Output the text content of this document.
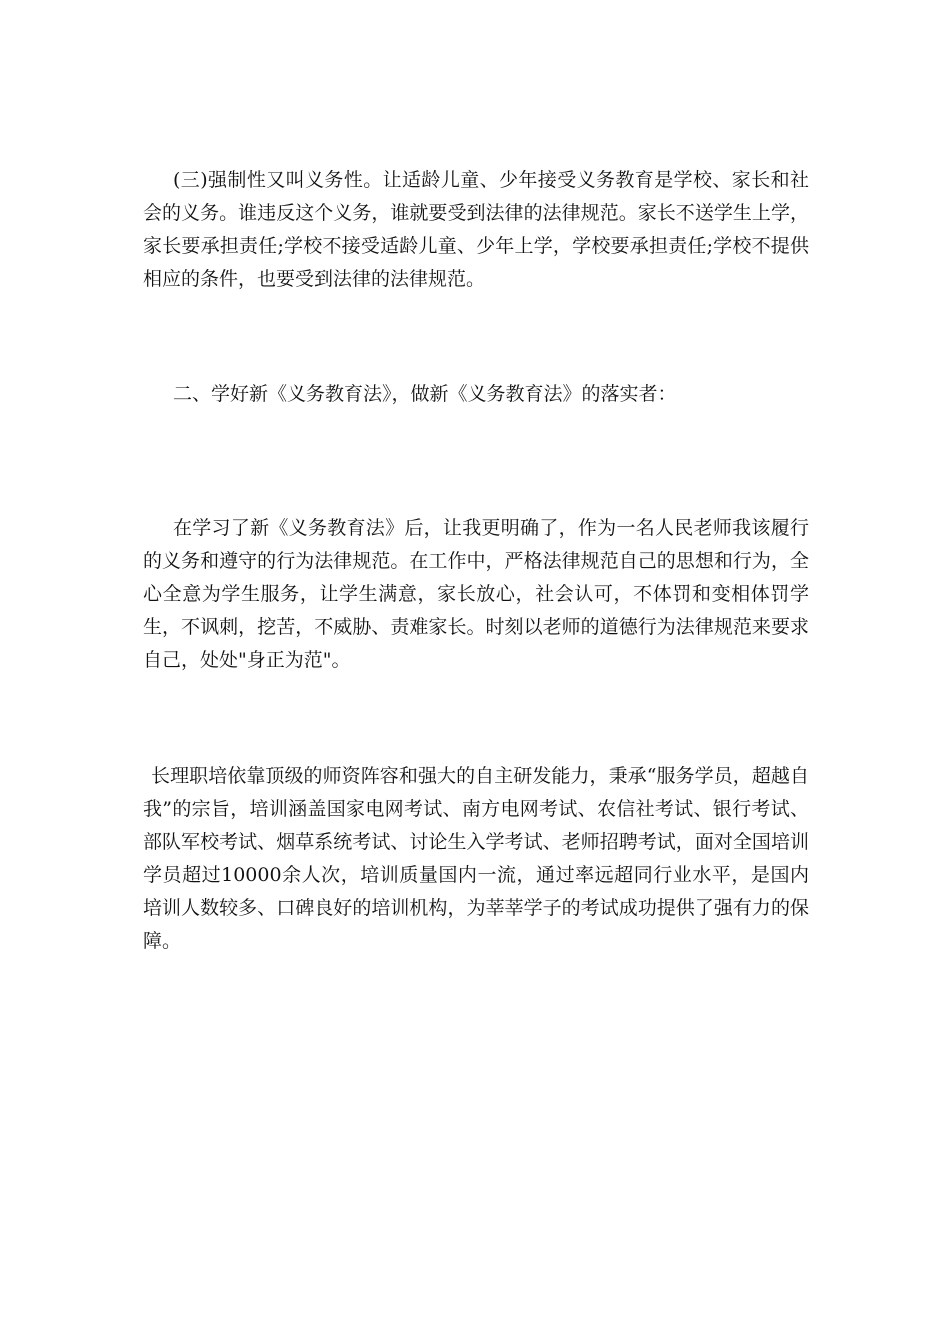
(三)强制性又叫义务性。让适龄儿童、少年接受义务教育是学校、家长和社会的义务。谁违反这个义务，谁就要受到法律的法律规范。家长不送学生上学，家长要承担责任;学校不接受适龄儿童、少年上学，学校要承担责任;学校不提供相应的条件，也要受到法律的法律规范。

二、学好新《义务教育法》，做新《义务教育法》的落实者：

在学习了新《义务教育法》后，让我更明确了，作为一名人民老师我该履行的义务和遵守的行为法律规范。在工作中，严格法律规范自己的思想和行为，全心全意为学生服务，让学生满意，家长放心，社会认可，不体罚和变相体罚学生，不讽刺，挖苦，不威胁、责难家长。时刻以老师的道德行为法律规范来要求自己，处处"身正为范"。

长理职培依靠顶级的师资阵容和强大的自主研发能力，秉承“服务学员，超越自我”的宗旨，培训涵盖国家电网考试、南方电网考试、农信社考试、银行考试、部队军校考试、烟草系统考试、讨论生入学考试、老师招聘考试，面对全国培训学员超过10000余人次，培训质量国内一流，通过率远超同行业水平，是国内培训人数较多、口碑良好的培训机构，为莘莘学子的考试成功提供了强有力的保障。
